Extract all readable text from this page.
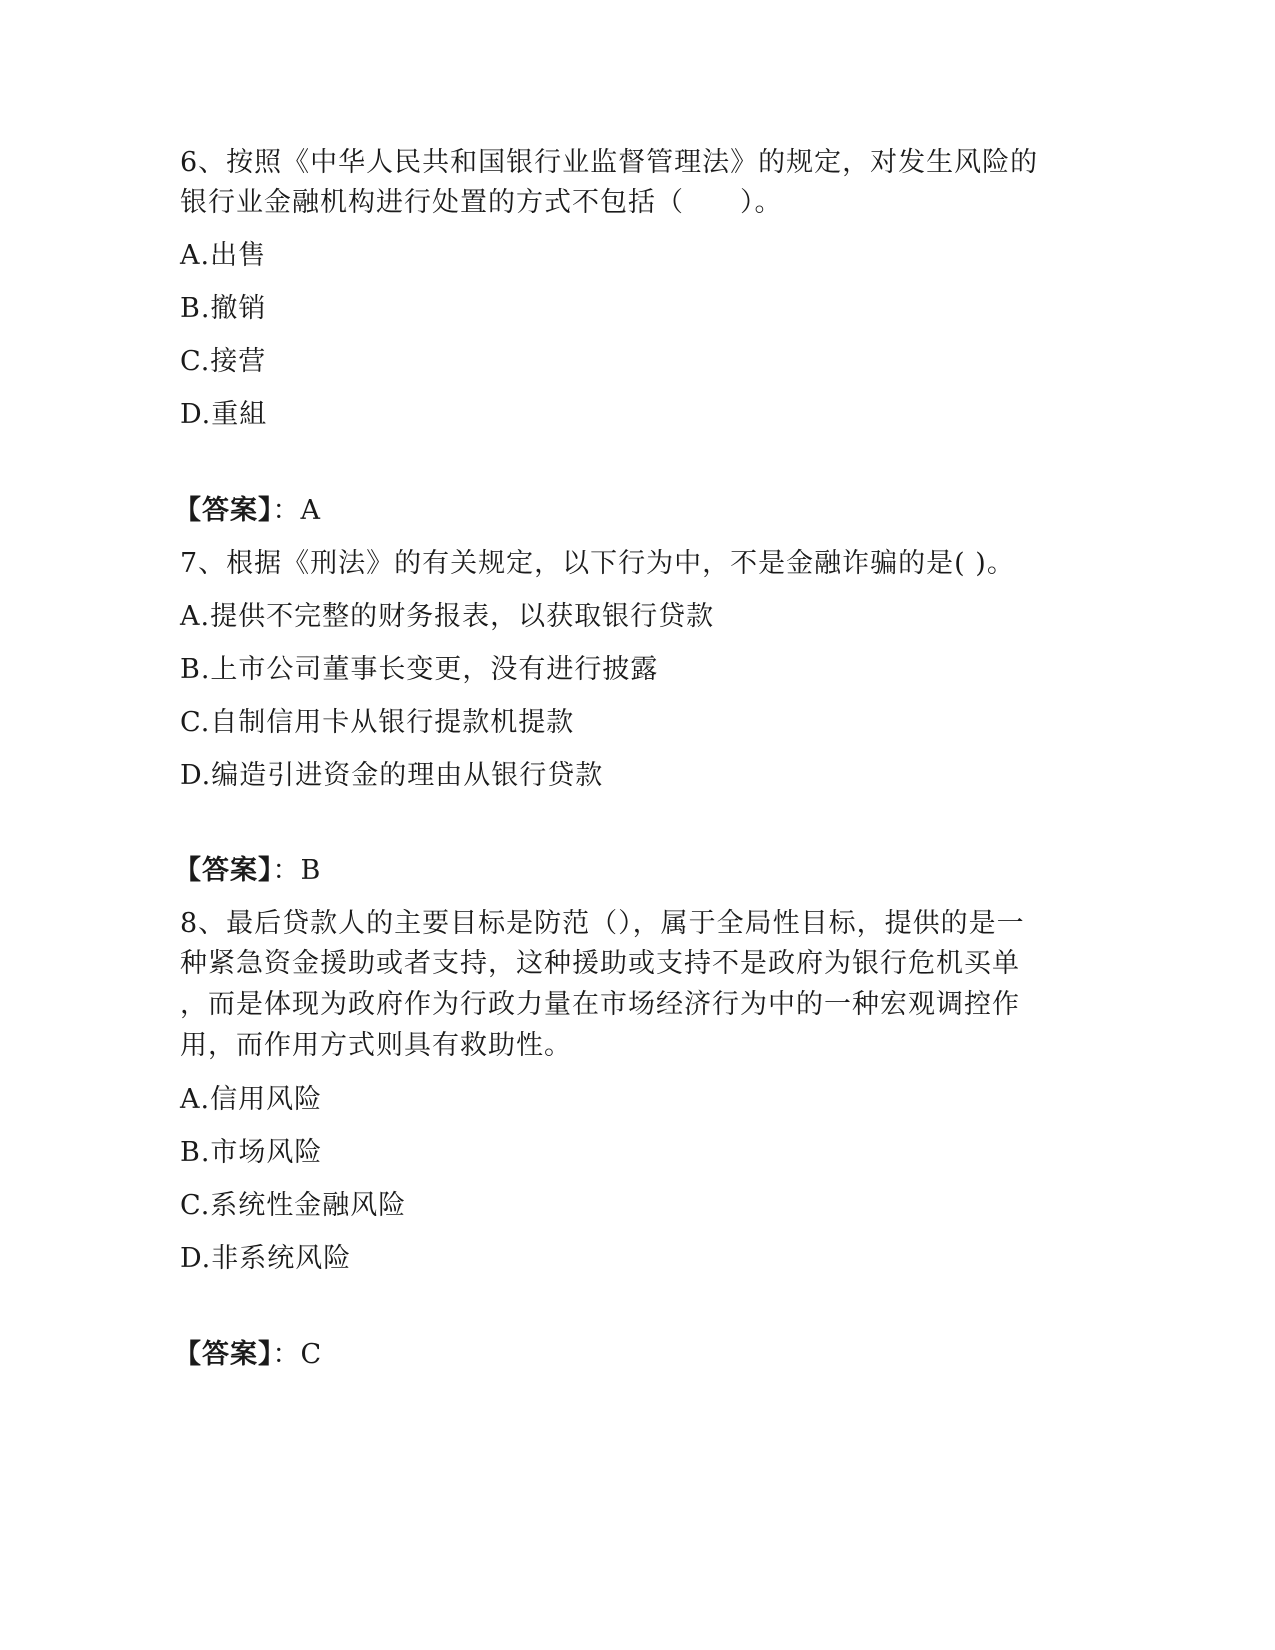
6、按照《中华人民共和国银行业监督管理法》的规定，对发生风险的
银行业金融机构进行处置的方式不包括（　　）。
A.出售
B.撤销
C.接营
D.重組
【答案】：A
7、根据《刑法》的有关规定，以下行为中，不是金融诈骗的是( )。
A.提供不完整的财务报表，以获取银行贷款
B.上市公司董事长变更，没有进行披露
C.自制信用卡从银行提款机提款
D.编造引进资金的理由从银行贷款
【答案】：B
8、最后贷款人的主要目标是防范（），属于全局性目标，提供的是一
种紧急资金援助或者支持，这种援助或支持不是政府为银行危机买单
，而是体现为政府作为行政力量在市场经济行为中的一种宏观调控作
用，而作用方式则具有救助性。
A.信用风险
B.市场风险
C.系统性金融风险
D.非系统风险
【答案】：C
